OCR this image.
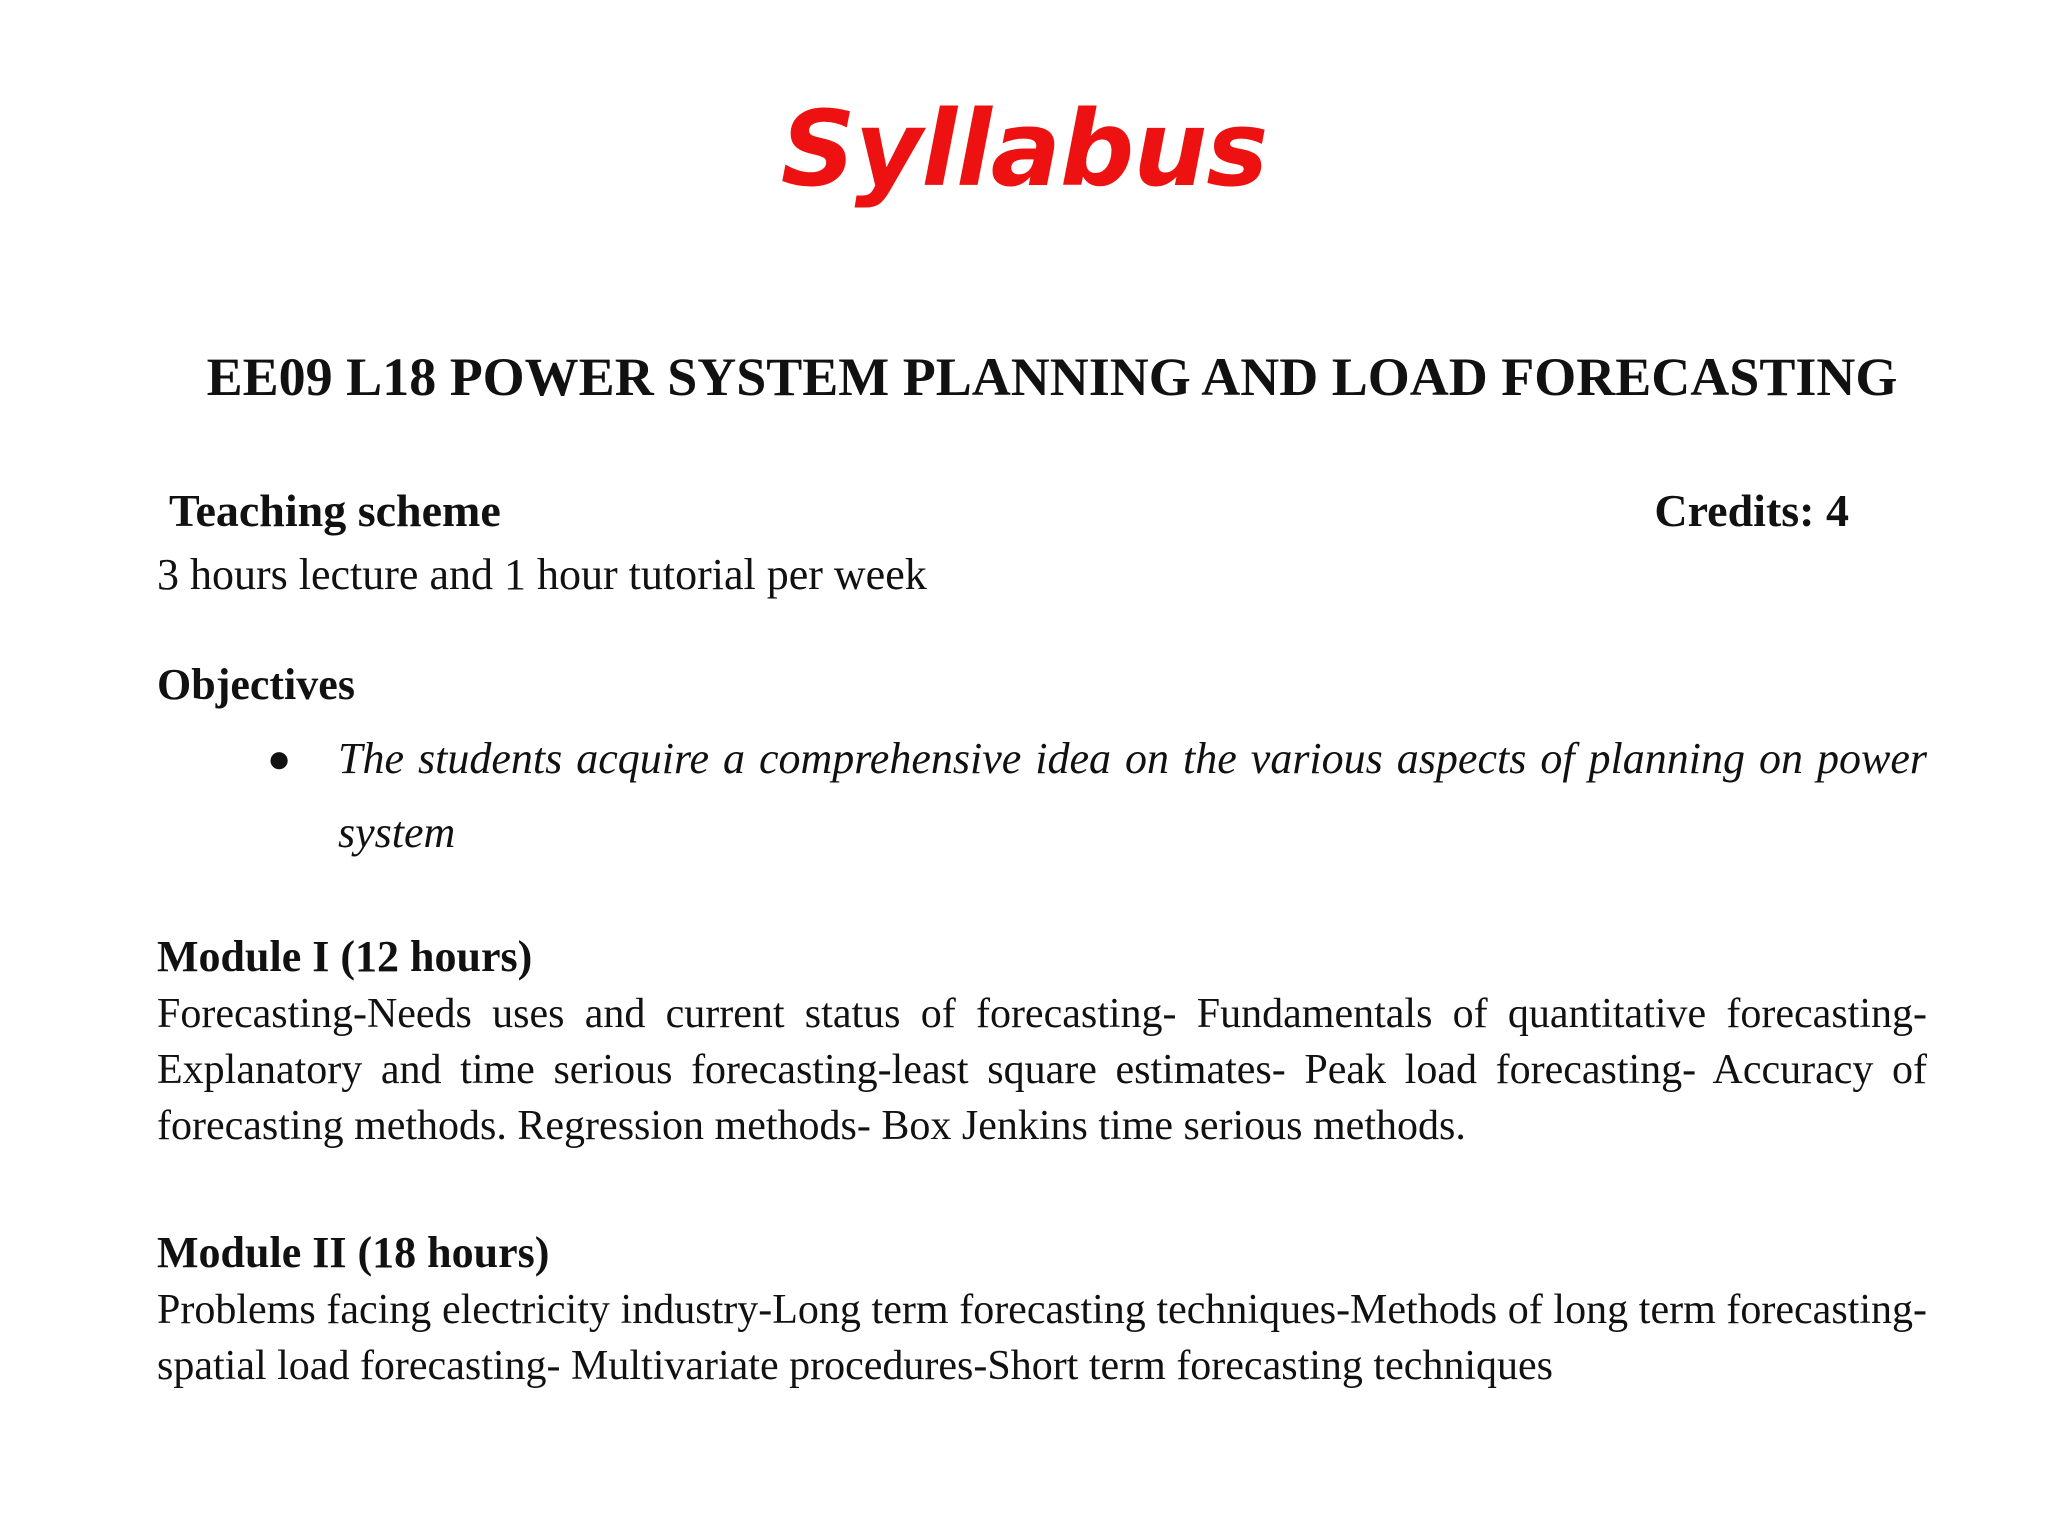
Syllabus
EE09 L18 POWER SYSTEM PLANNING AND LOAD FORECASTING
Teaching scheme	Credits: 4

3 hours lecture and 1 hour tutorial per week

Objectives
● The students acquire a comprehensive idea on the various aspects of planning on power system
Module I (12 hours)

Forecasting-Needs uses and current status of forecasting- Fundamentals of quantitative forecasting- Explanatory and time serious forecasting-least square estimates- Peak load forecasting- Accuracy of forecasting methods. Regression methods- Box Jenkins time serious methods.

Module II (18 hours)

Problems facing electricity industry-Long term forecasting techniques-Methods of long term forecasting- spatial load forecasting- Multivariate procedures-Short term forecasting techniques
